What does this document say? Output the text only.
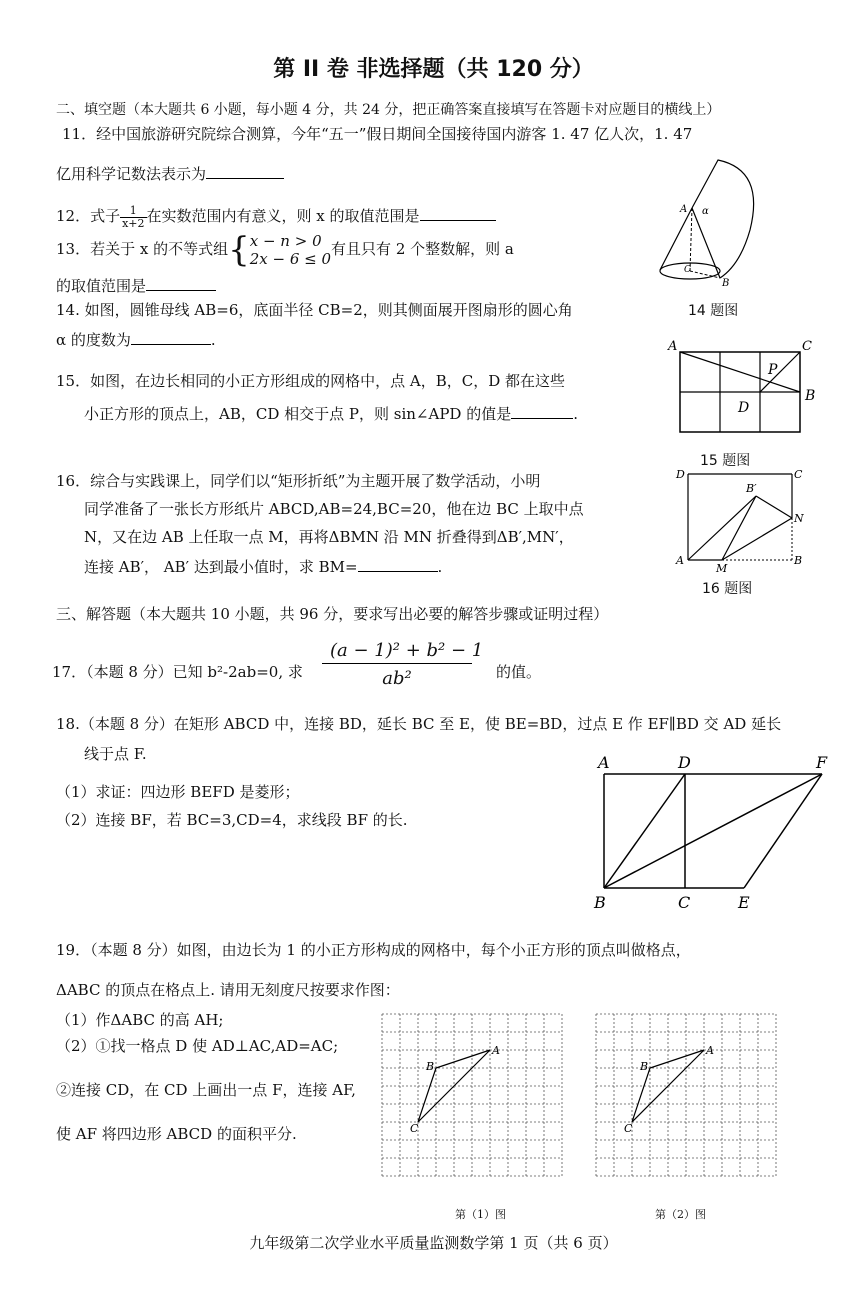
第 II 卷 非选择题（共 120 分）
二、填空题（本大题共 6 小题，每小题 4 分，共 24 分，把正确答案直接填写在答题卡对应题目的横线上）
11．经中国旅游研究院综合测算，今年“五一”假日期间全国接待国内游客 1. 47 亿人次，1. 47
亿用科学记数法表示为
12．式子 $\frac{1}{x+2}$ 在实数范围内有意义，则 x 的取值范围是
13．若关于 x 的不等式组{ x − n > 0
2x − 6 ≤ 0
有且只有 2 个整数解，则 a
的取值范围是
14. 如图，圆锥母线 AB=6，底面半径 CB=2，则其侧面展开图扇形的圆心角
α 的度数为	.
15．如图，在边长相同的小正方形组成的网格中，点 A，B，C，D 都在这些
小正方形的顶点上，AB，CD 相交于点 P，则 sin∠APD 的值是	.
16．综合与实践课上，同学们以“矩形折纸”为主题开展了数学活动，小明
同学准备了一张长方形纸片 ABCD,AB=24,BC=20，他在边 BC 上取中点
N，又在边 AB 上任取一点 M，再将ΔBMN 沿 MN 折叠得到ΔB′,MN′，
连接 AB′， AB′ 达到最小值时，求 BM=	.
三、解答题（本大题共 10 小题，共 96 分，要求写出必要的解答步骤或证明过程）
17．（本题 8 分）已知 b²-2ab=0, 求 $\frac{\text{(a − 1)² + b² − 1}}{\text{ab²}}$ 的值。
18.（本题 8 分）在矩形 ABCD 中，连接 BD，延长 BC 至 E，使 BE=BD，过点 E 作 EF∥BD 交 AD 延长
线于点 F.
（1）求证：四边形 BEFD 是菱形；
（2）连接 BF，若 BC=3,CD=4，求线段 BF 的长.
19．（本题 8 分）如图，由边长为 1 的小正方形构成的网格中，每个小正方形的顶点叫做格点，
ΔABC 的顶点在格点上. 请用无刻度尺按要求作图：
（1）作ΔABC 的高 AH;
（2）①找一格点 D 使 AD⊥AC,AD=AC;
②连接 CD，在 CD 上画出一点 F，连接 AF,
使 AF 将四边形 ABCD 的面积平分.
A α
C
B
14 题图
A	C
P
B
D
15 题图
D	C
B′
N
A
M
B
16 题图
A	D	F
B	C	E
A
B
C
第（1）图
A
B
C
第（2）图
九年级第二次学业水平质量监测数学第 1 页（共 6 页）
